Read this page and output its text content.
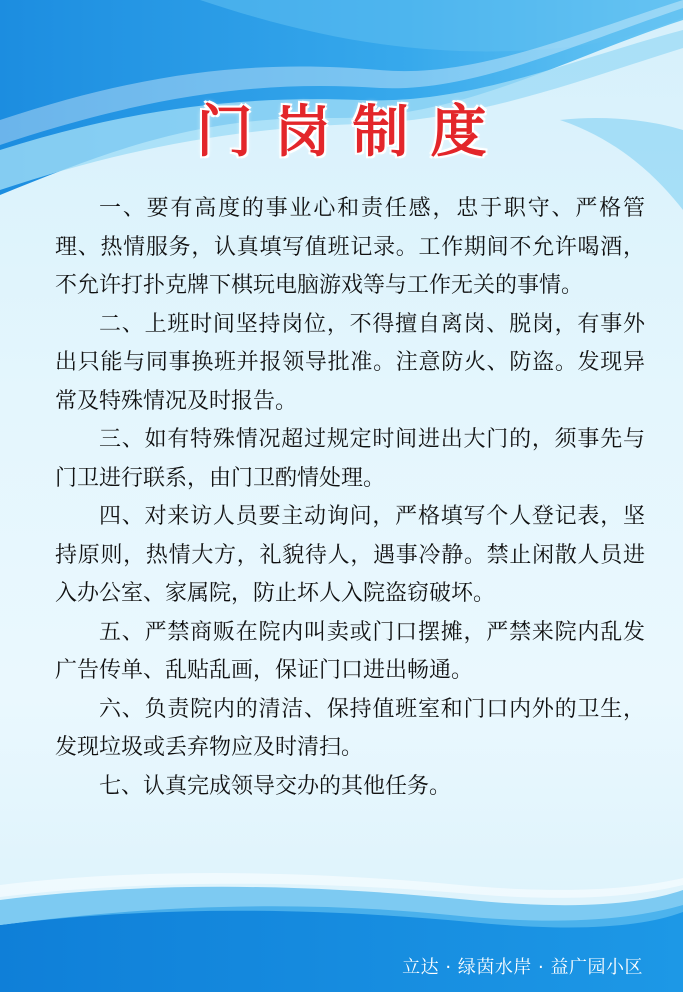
门岗制度

一、要有高度的事业心和责任感，忠于职守、严格管理、热情服务，认真填写值班记录。工作期间不允许喝酒，不允许打扑克牌下棋玩电脑游戏等与工作无关的事情。

二、上班时间坚持岗位，不得擅自离岗、脱岗，有事外出只能与同事换班并报领导批准。注意防火、防盗。发现异常及特殊情况及时报告。

三、如有特殊情况超过规定时间进出大门的，须事先与门卫进行联系，由门卫酌情处理。

四、对来访人员要主动询问，严格填写个人登记表，坚持原则，热情大方，礼貌待人，遇事冷静。禁止闲散人员进入办公室、家属院，防止坏人入院盗窃破坏。

五、严禁商贩在院内叫卖或门口摆摊，严禁来院内乱发广告传单、乱贴乱画，保证门口进出畅通。

六、负责院内的清洁、保持值班室和门口内外的卫生，发现垃圾或丢弃物应及时清扫。

七、认真完成领导交办的其他任务。

立达 · 绿茵水岸 · 益广园小区
